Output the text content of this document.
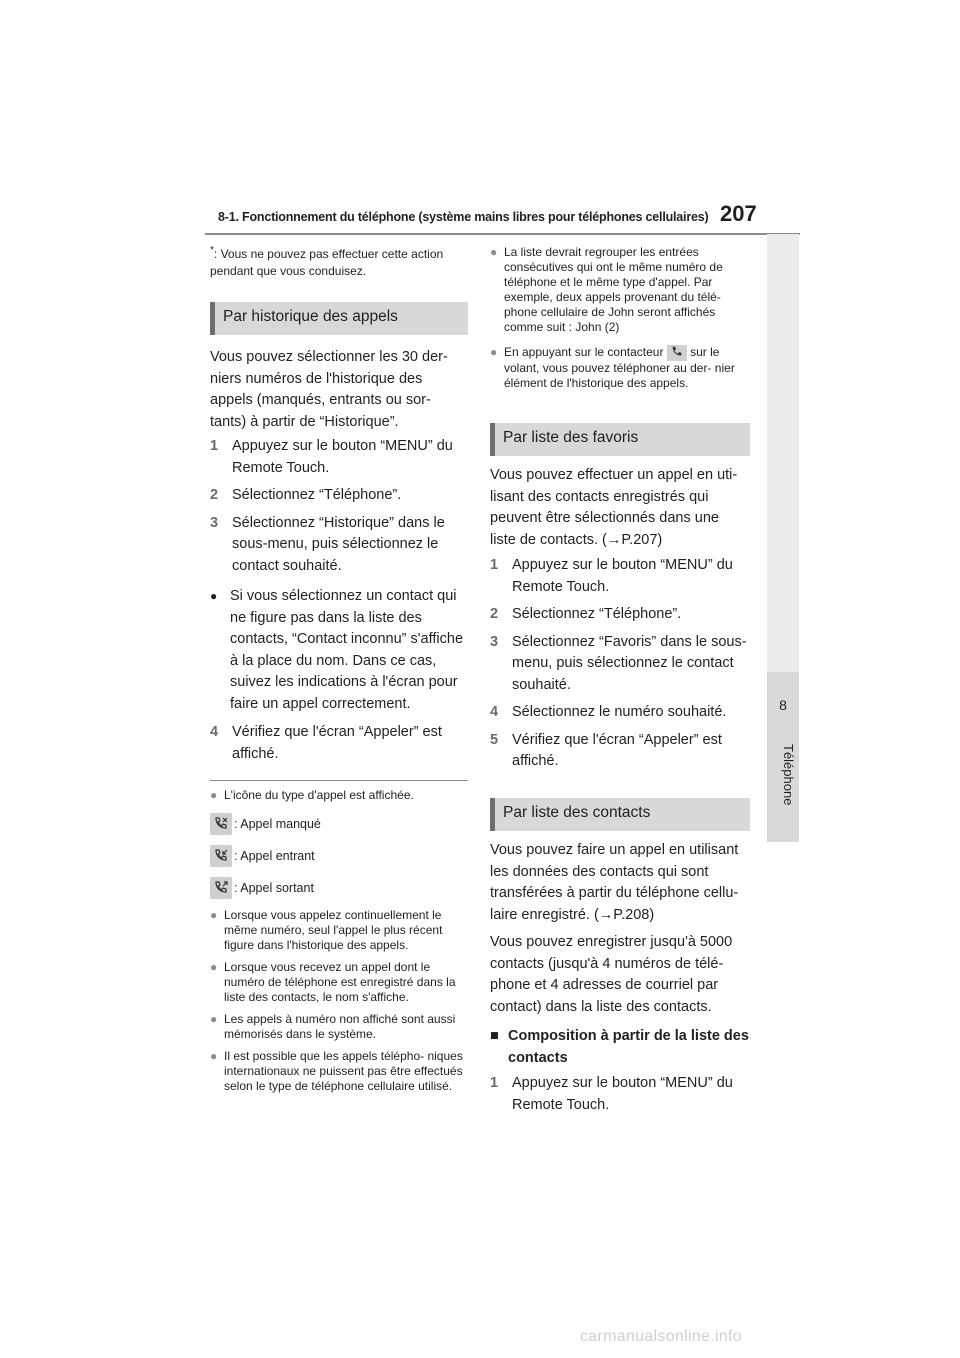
8-1. Fonctionnement du téléphone (système mains libres pour téléphones cellulaires) 207
8
Téléphone
*: Vous ne pouvez pas effectuer cette action pendant que vous conduisez.
Par historique des appels
Vous pouvez sélectionner les 30 der- niers numéros de l'historique des appels (manqués, entrants ou sor- tants) à partir de “Historique”.
1 Appuyez sur le bouton “MENU” du Remote Touch.
2 Sélectionnez “Téléphone”.
3 Sélectionnez “Historique” dans le sous-menu, puis sélectionnez le contact souhaité.
● Si vous sélectionnez un contact qui ne figure pas dans la liste des contacts, “Contact inconnu” s'affiche à la place du nom. Dans ce cas, suivez les indications à l'écran pour faire un appel correctement.
4 Vérifiez que l'écran “Appeler” est affiché.
● L'icône du type d'appel est affichée.
: Appel manqué
: Appel entrant
: Appel sortant
● Lorsque vous appelez continuellement le même numéro, seul l'appel le plus récent figure dans l'historique des appels.
● Lorsque vous recevez un appel dont le numéro de téléphone est enregistré dans la liste des contacts, le nom s'affiche.
● Les appels à numéro non affiché sont aussi mémorisés dans le système.
● Il est possible que les appels télépho- niques internationaux ne puissent pas être effectués selon le type de téléphone cellulaire utilisé.
● La liste devrait regrouper les entrées consécutives qui ont le même numéro de téléphone et le même type d'appel. Par exemple, deux appels provenant du télé- phone cellulaire de John seront affichés comme suit : John (2)
● En appuyant sur le contacteur sur le volant, vous pouvez téléphoner au der- nier élément de l'historique des appels.
Par liste des favoris
Vous pouvez effectuer un appel en uti- lisant des contacts enregistrés qui peuvent être sélectionnés dans une liste de contacts. (→P.207)
1 Appuyez sur le bouton “MENU” du Remote Touch.
2 Sélectionnez “Téléphone”.
3 Sélectionnez “Favoris” dans le sous-menu, puis sélectionnez le contact souhaité.
4 Sélectionnez le numéro souhaité.
5 Vérifiez que l'écran “Appeler” est affiché.
Par liste des contacts
Vous pouvez faire un appel en utilisant les données des contacts qui sont transférées à partir du téléphone cellu- laire enregistré. (→P.208)
Vous pouvez enregistrer jusqu'à 5000 contacts (jusqu'à 4 numéros de télé- phone et 4 adresses de courriel par contact) dans la liste des contacts.
■ Composition à partir de la liste des contacts
1 Appuyez sur le bouton “MENU” du Remote Touch.
carmanualsonline.info
